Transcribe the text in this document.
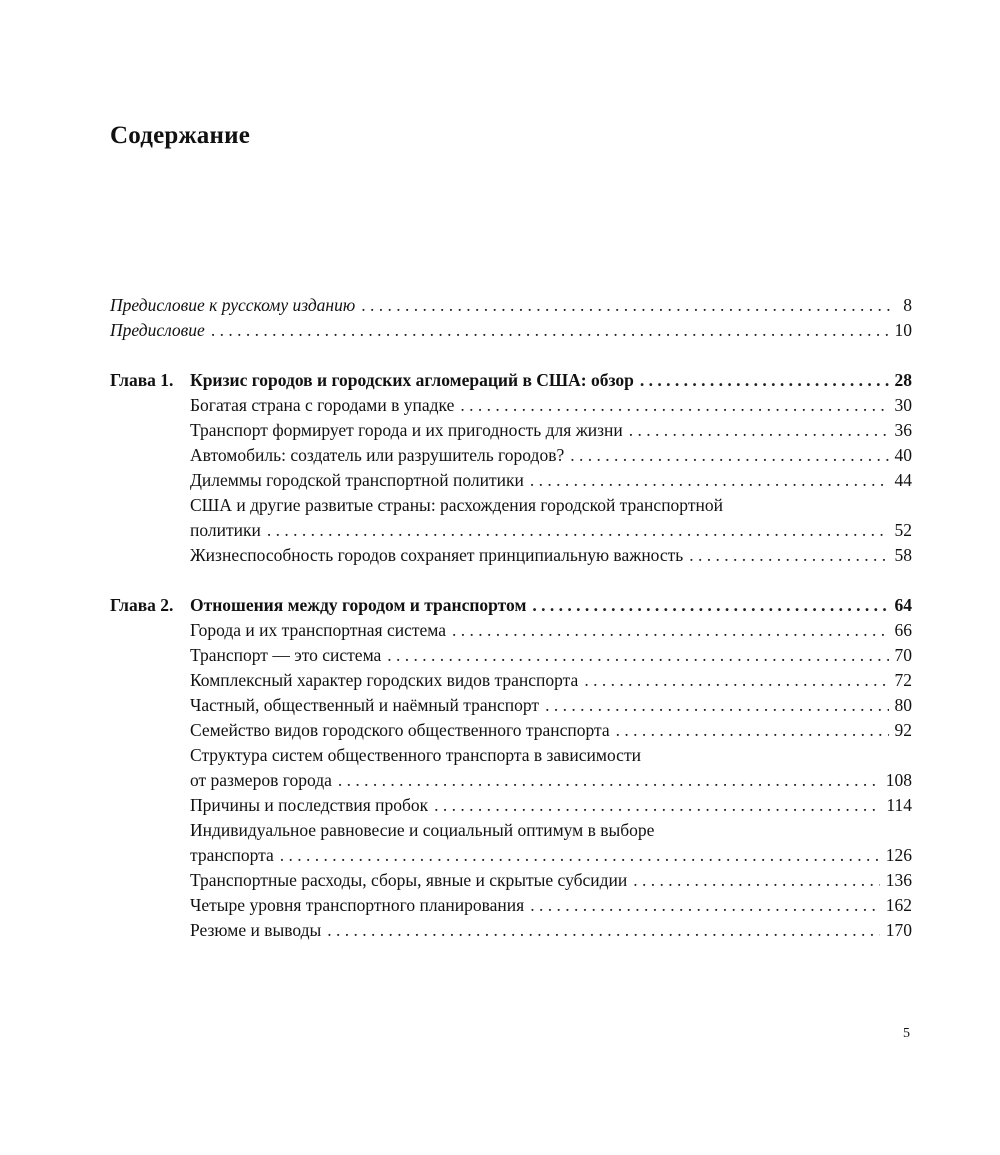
Содержание
Предисловие к русскому изданию . . .	8
Предисловие . . .	10
Глава 1. Кризис городов и городских агломераций в США: обзор . . .	28
Богатая страна с городами в упадке . . .	30
Транспорт формирует города и их пригодность для жизни . . .	36
Автомобиль: создатель или разрушитель городов? . . .	40
Дилеммы городской транспортной политики . . .	44
США и другие развитые страны: расхождения городской транспортной
политики . . .	52
Жизнеспособность городов сохраняет принципиальную важность . . .	58
Глава 2. Отношения между городом и транспортом . . .	64
Города и их транспортная система . . .	66
Транспорт — это система . . .	70
Комплексный характер городских видов транспорта . . .	72
Частный, общественный и наёмный транспорт . . .	80
Семейство видов городского общественного транспорта . . .	92
Структура систем общественного транспорта в зависимости
от размеров города . . .	108
Причины и последствия пробок . . .	114
Индивидуальное равновесие и социальный оптимум в выборе
транспорта . . .	126
Транспортные расходы, сборы, явные и скрытые субсидии . . .	136
Четыре уровня транспортного планирования . . .	162
Резюме и выводы . . .	170
5
